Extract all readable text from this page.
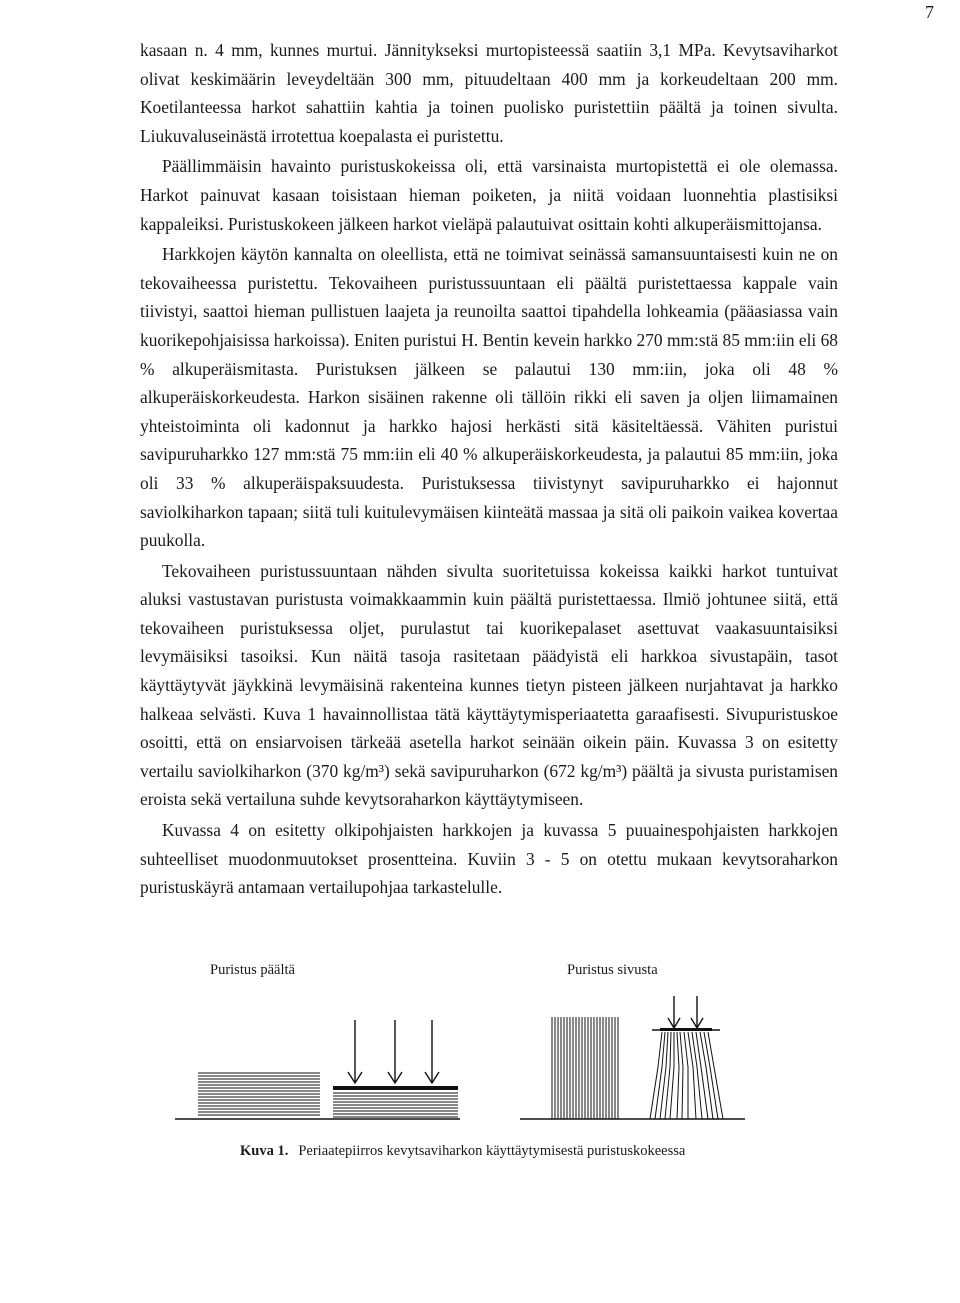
7

kasaan n. 4 mm, kunnes murtui. Jännitykseksi murtopisteessä saatiin 3,1 MPa. Kevytsaviharkot olivat keskimäärin leveydeltään 300 mm, pituudeltaan 400 mm ja korkeudeltaan 200 mm. Koetilanteessa harkot sahattiin kahtia ja toinen puolisko puristettiin päältä ja toinen sivulta. Liukuvaluseinästä irrotettua koepalasta ei puristettu.

Päällimmäisin havainto puristuskokeissa oli, että varsinaista murtopistettä ei ole olemassa. Harkot painuvat kasaan toisistaan hieman poiketen, ja niitä voidaan luonnehtia plastisiksi kappaleiksi. Puristuskokeen jälkeen harkot vieläpä palautuivat osittain kohti alkuperäismittojansa.

Harkkojen käytön kannalta on oleellista, että ne toimivat seinässä samansuuntaisesti kuin ne on tekovaiheessa puristettu. Tekovaiheen puristussuuntaan eli päältä puristettaessa kappale vain tiivistyi, saattoi hieman pullistuen laajeta ja reunoilta saattoi tipahdella lohkeamia (pääasiassa vain kuorikepohjaisissa harkoissa). Eniten puristui H. Bentin kevein harkko 270 mm:stä 85 mm:iin eli 68 % alkuperäismitasta. Puristuksen jälkeen se palautui 130 mm:iin, joka oli 48 % alkuperäiskorkeudesta. Harkon sisäinen rakenne oli tällöin rikki eli saven ja oljen liimamainen yhteistoiminta oli kadonnut ja harkko hajosi herkästi sitä käsiteltäessä. Vähiten puristui savipuruharkko 127 mm:stä 75 mm:iin eli 40 % alkuperäiskorkeudesta, ja palautui 85 mm:iin, joka oli 33 % alkuperäispaksuudesta. Puristuksessa tiivistynyt savipuruharkko ei hajonnut saviolkiharkon tapaan; siitä tuli kuitulevymäisen kiinteätä massaa ja sitä oli paikoin vaikea kovertaa puukolla.

Tekovaiheen puristussuuntaan nähden sivulta suoritetuissa kokeissa kaikki harkot tuntuivat aluksi vastustavan puristusta voimakkaammin kuin päältä puristettaessa. Ilmiö johtunee siitä, että tekovaiheen puristuksessa oljet, purulastut tai kuorikepalaset asettuvat vaakasuuntaisiksi levymäisiksi tasoiksi. Kun näitä tasoja rasitetaan päädyistä eli harkkoa sivustapäin, tasot käyttäytyvät jäykkinä levymäisinä rakenteina kunnes tietyn pisteen jälkeen nurjahtavat ja harkko halkeaa selvästi. Kuva 1 havainnollistaa tätä käyttäytymisperiaatetta garaafisesti. Sivupuristuskoe osoitti, että on ensiarvoisen tärkeää asetella harkot seinään oikein päin. Kuvassa 3 on esitetty vertailu saviolkiharkon (370 kg/m³) sekä savipuruharkon (672 kg/m³) päältä ja sivusta puristamisen eroista sekä vertailuna suhde kevytsoraharkon käyttäytymiseen.

Kuvassa 4 on esitetty olkipohjaisten harkkojen ja kuvassa 5 puuainespohjaisten harkkojen suhteelliset muodonmuutokset prosentteina. Kuviin 3 - 5 on otettu mukaan kevytsoraharkon puristuskäyrä antamaan vertailupohjaa tarkastelulle.

Puristus päältä	Puristus sivusta
Kuva 1. Periaatepiirros kevytsaviharkon käyttäytymisestä puristuskokeessa
